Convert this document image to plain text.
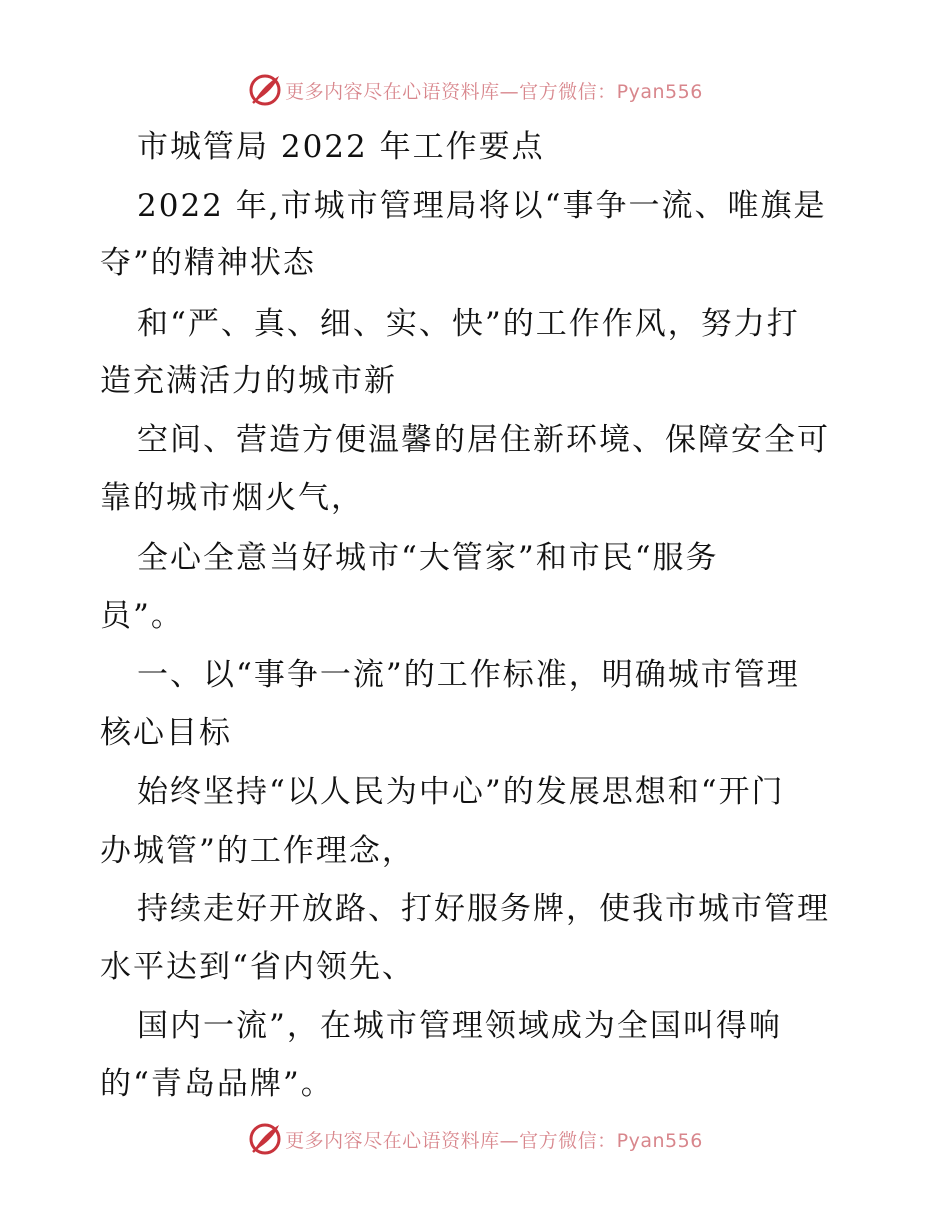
更多内容尽在心语资料库—官方微信：Pyan556
市城管局 2022 年工作要点
2022 年,市城市管理局将以“事争一流、唯旗是
夺”的精神状态
和“严、真、细、实、快”的工作作风，努力打
造充满活力的城市新
空间、营造方便温馨的居住新环境、保障安全可
靠的城市烟火气，
全心全意当好城市“大管家”和市民“服务
员”。
一、以“事争一流”的工作标准，明确城市管理
核心目标
始终坚持“以人民为中心”的发展思想和“开门
办城管”的工作理念，
持续走好开放路、打好服务牌，使我市城市管理
水平达到“省内领先、
国内一流”，在城市管理领域成为全国叫得响
的“青岛品牌”。
更多内容尽在心语资料库—官方微信：Pyan556
